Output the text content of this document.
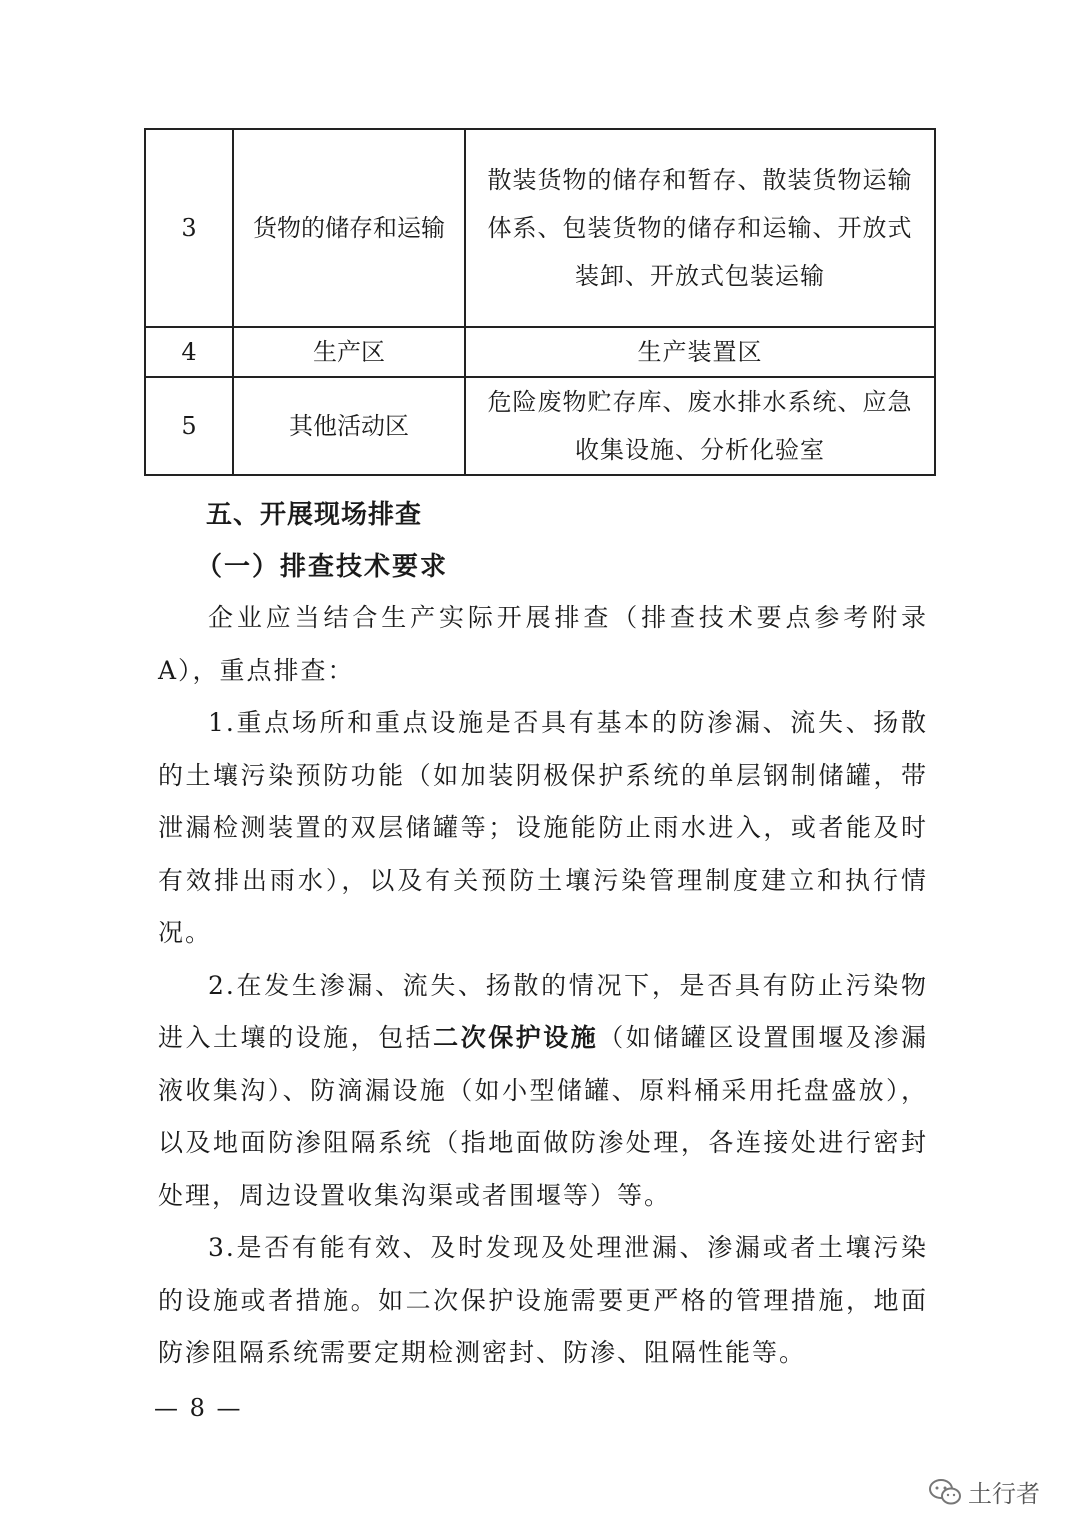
3	货物的储存和运输	散装货物的储存和暂存、散装货物运输体系、包装货物的储存和运输、开放式装卸、开放式包装运输
4	生产区	生产装置区
5	其他活动区	危险废物贮存库、废水排水系统、应急收集设施、分析化验室
五、开展现场排查
（一）排查技术要求

企业应当结合生产实际开展排查（排查技术要点参考附录A），重点排查：

1.重点场所和重点设施是否具有基本的防渗漏、流失、扬散的土壤污染预防功能（如加装阴极保护系统的单层钢制储罐，带泄漏检测装置的双层储罐等；设施能防止雨水进入，或者能及时有效排出雨水），以及有关预防土壤污染管理制度建立和执行情况。

2.在发生渗漏、流失、扬散的情况下，是否具有防止污染物进入土壤的设施，包括二次保护设施（如储罐区设置围堰及渗漏液收集沟）、防滴漏设施（如小型储罐、原料桶采用托盘盛放），以及地面防渗阻隔系统（指地面做防渗处理，各连接处进行密封处理，周边设置收集沟渠或者围堰等）等。

3.是否有能有效、及时发现及处理泄漏、渗漏或者土壤污染的设施或者措施。如二次保护设施需要更严格的管理措施，地面防渗阻隔系统需要定期检测密封、防渗、阻隔性能等。

— 8 —
土行者
